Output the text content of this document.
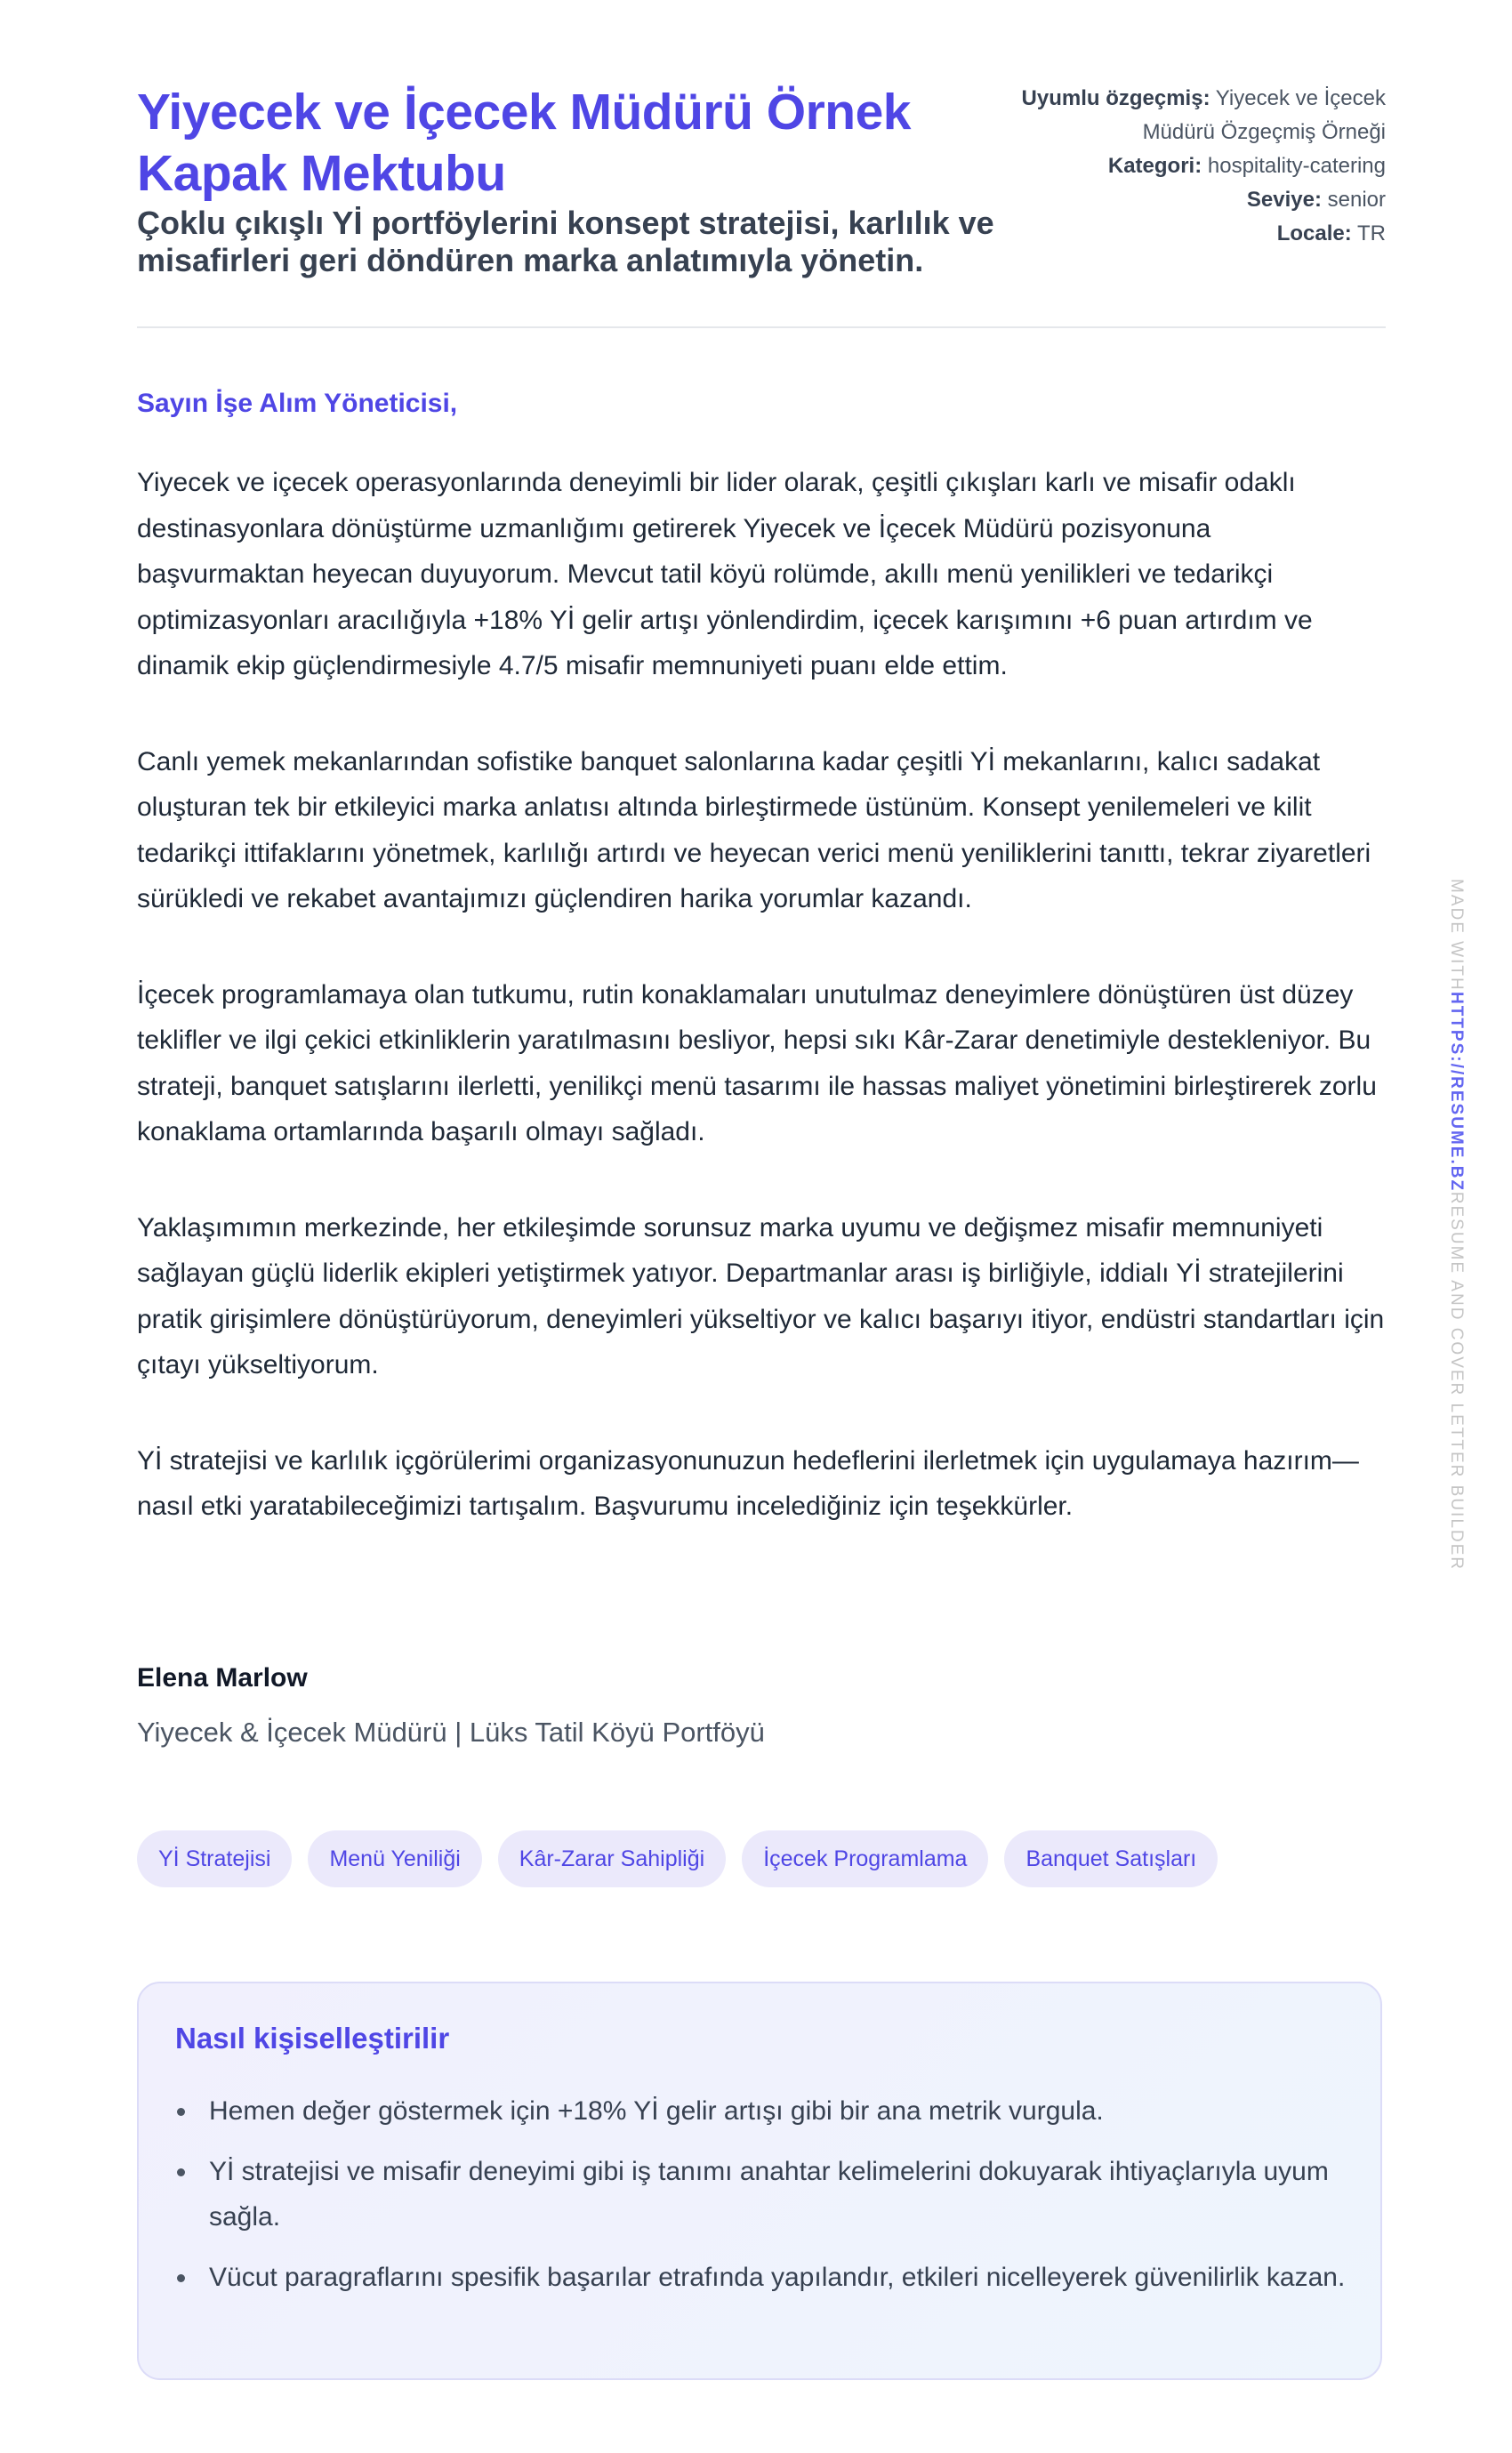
Yiyecek ve İçecek Müdürü Örnek Kapak Mektubu
Çoklu çıkışlı Yİ portföylerini konsept stratejisi, karlılık ve misafirleri geri döndüren marka anlatımıyla yönetin.
Uyumlu özgeçmiş: Yiyecek ve İçecek Müdürü Özgeçmiş Örneği
Kategori: hospitality-catering
Seviye: senior
Locale: TR
Sayın İşe Alım Yöneticisi,

Yiyecek ve içecek operasyonlarında deneyimli bir lider olarak, çeşitli çıkışları karlı ve misafir odaklı destinasyonlara dönüştürme uzmanlığımı getirerek Yiyecek ve İçecek Müdürü pozisyonuna başvurmaktan heyecan duyuyorum. Mevcut tatil köyü rolümde, akıllı menü yenilikleri ve tedarikçi optimizasyonları aracılığıyla +18% Yİ gelir artışı yönlendirdim, içecek karışımını +6 puan artırdım ve dinamik ekip güçlendirmesiyle 4.7/5 misafir memnuniyeti puanı elde ettim.

Canlı yemek mekanlarından sofistike banquet salonlarına kadar çeşitli Yİ mekanlarını, kalıcı sadakat oluşturan tek bir etkileyici marka anlatısı altında birleştirmede üstünüm. Konsept yenilemeleri ve kilit tedarikçi ittifaklarını yönetmek, karlılığı artırdı ve heyecan verici menü yeniliklerini tanıttı, tekrar ziyaretleri sürükledi ve rekabet avantajımızı güçlendiren harika yorumlar kazandı.

İçecek programlamaya olan tutkumu, rutin konaklamaları unutulmaz deneyimlere dönüştüren üst düzey teklifler ve ilgi çekici etkinliklerin yaratılmasını besliyor, hepsi sıkı Kâr-Zarar denetimiyle destekleniyor. Bu strateji, banquet satışlarını ilerletti, yenilikçi menü tasarımı ile hassas maliyet yönetimini birleştirerek zorlu konaklama ortamlarında başarılı olmayı sağladı.

Yaklaşımımın merkezinde, her etkileşimde sorunsuz marka uyumu ve değişmez misafir memnuniyeti sağlayan güçlü liderlik ekipleri yetiştirmek yatıyor. Departmanlar arası iş birliğiyle, iddialı Yİ stratejilerini pratik girişimlere dönüştürüyorum, deneyimleri yükseltiyor ve kalıcı başarıyı itiyor, endüstri standartları için çıtayı yükseltiyorum.

Yİ stratejisi ve karlılık içgörülerimi organizasyonunuzun hedeflerini ilerletmek için uygulamaya hazırım—nasıl etki yaratabileceğimizi tartışalım. Başvurumu incelediğiniz için teşekkürler.

Elena Marlow
Yiyecek & İçecek Müdürü | Lüks Tatil Köyü Portföyü
Yİ Stratejisi	Menü Yeniliği	Kâr-Zarar Sahipliği	İçecek Programlama	Banquet Satışları
Nasıl kişiselleştirilir
Hemen değer göstermek için +18% Yİ gelir artışı gibi bir ana metrik vurgula.
Yİ stratejisi ve misafir deneyimi gibi iş tanımı anahtar kelimelerini dokuyarak ihtiyaçlarıyla uyum sağla.
Vücut paragraflarını spesifik başarılar etrafında yapılandır, etkileri nicelleyerek güvenilirlik kazan.
MADE WITHHTTPS://RESUME.BZRESUME AND COVER LETTER BUILDER
